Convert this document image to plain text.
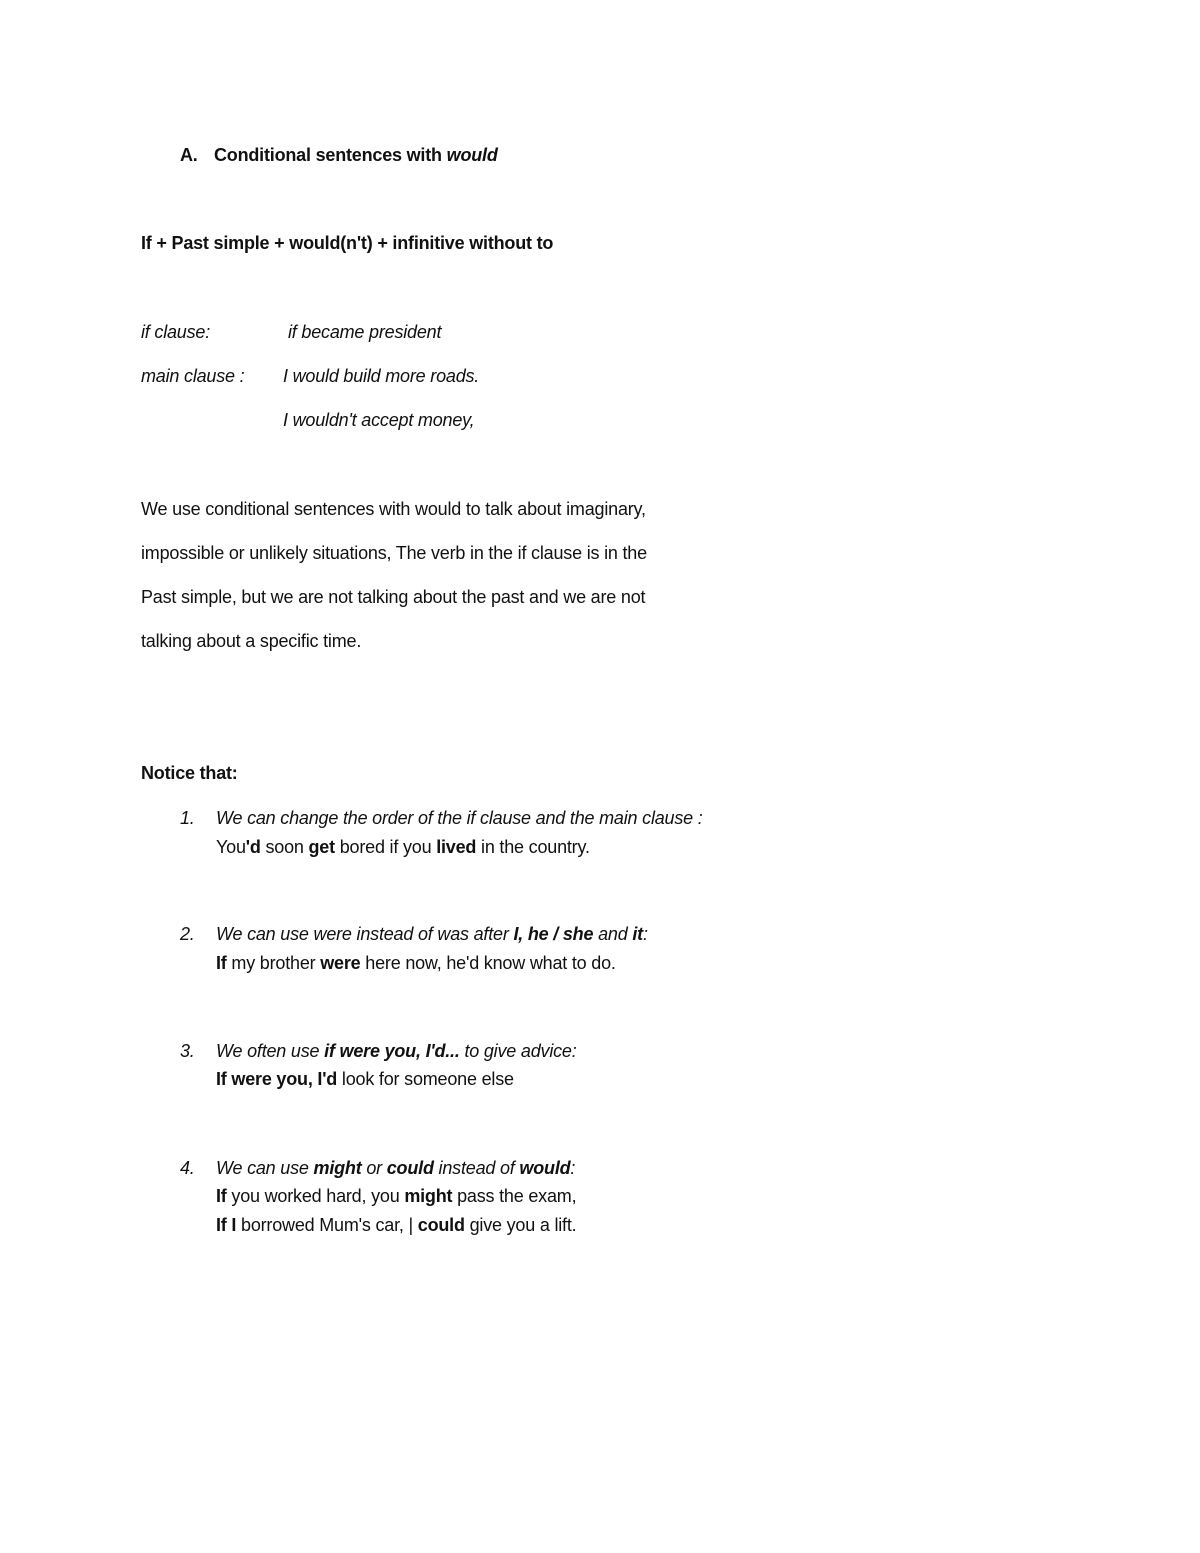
A. Conditional sentences with would
If + Past simple + would(n't) + infinitive without to
if clause:	if became president
main clause : I would build more roads.
I wouldn't accept money,
We use conditional sentences with would to talk about imaginary,
impossible or unlikely situations, The verb in the if clause is in the
Past simple, but we are not talking about the past and we are not
talking about a specific time.
Notice that:
1. We can change the order of the if clause and the main clause :
You'd soon get bored if you lived in the country.
2. We can use were instead of was after I, he / she and it:
If my brother were here now, he'd know what to do.
3. We often use if were you, I'd... to give advice:
If were you, I'd look for someone else
4. We can use might or could instead of would:
If you worked hard, you might pass the exam,
If I borrowed Mum's car, | could give you a lift.
